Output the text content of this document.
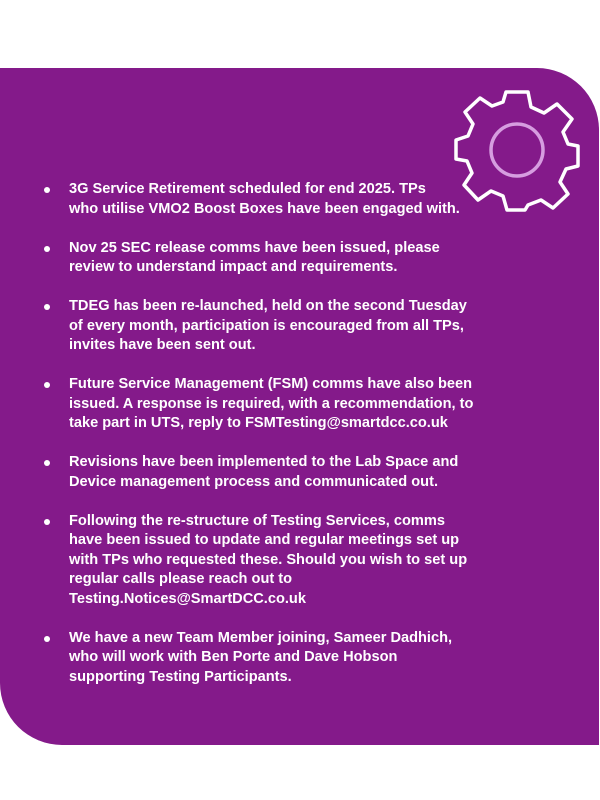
3G Service Retirement scheduled for end 2025. TPs
who utilise VMO2 Boost Boxes have been engaged with.
Nov 25 SEC release comms have been issued, please
review to understand impact and requirements.
TDEG has been re-launched, held on the second Tuesday
of every month, participation is encouraged from all TPs,
invites have been sent out.
Future Service Management (FSM) comms have also been
issued. A response is required, with a recommendation, to
take part in UTS, reply to FSMTesting@smartdcc.co.uk
Revisions have been implemented to the Lab Space and
Device management process and communicated out.
Following the re-structure of Testing Services, comms
have been issued to update and regular meetings set up
with TPs who requested these. Should you wish to set up
regular calls please reach out to
Testing.Notices@SmartDCC.co.uk
We have a new Team Member joining, Sameer Dadhich,
who will work with Ben Porte and Dave Hobson
supporting Testing Participants.
